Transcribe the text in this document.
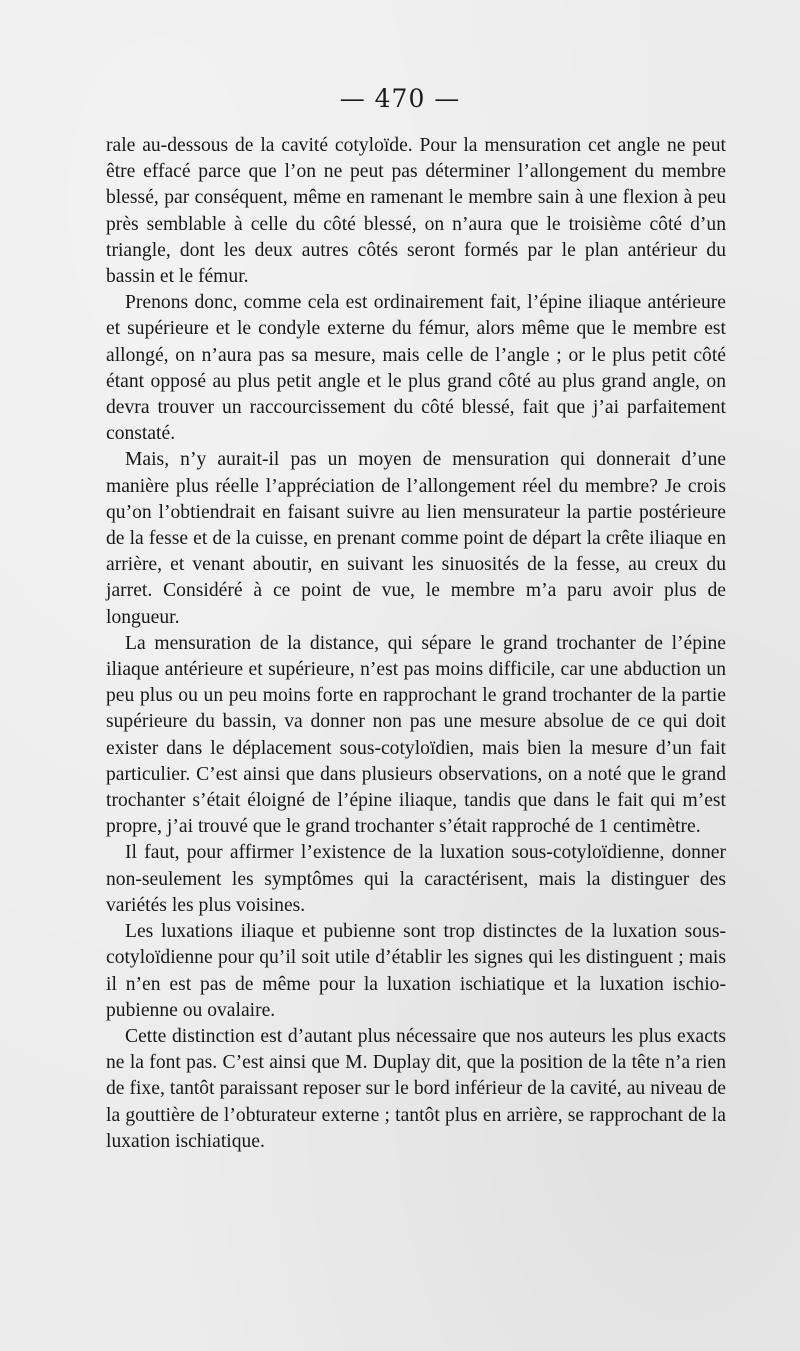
— 470 —

rale au-dessous de la cavité cotyloïde. Pour la mensuration cet angle ne peut être effacé parce que l’on ne peut pas déterminer l’allongement du membre blessé, par conséquent, même en ramenant le membre sain à une flexion à peu près semblable à celle du côté blessé, on n’aura que le troisième côté d’un triangle, dont les deux autres côtés seront formés par le plan antérieur du bassin et le fémur.

Prenons donc, comme cela est ordinairement fait, l’épine iliaque antérieure et supérieure et le condyle externe du fémur, alors même que le membre est allongé, on n’aura pas sa mesure, mais celle de l’angle ; or le plus petit côté étant opposé au plus petit angle et le plus grand côté au plus grand angle, on devra trouver un raccourcissement du côté blessé, fait que j’ai parfaitement constaté.

Mais, n’y aurait-il pas un moyen de mensuration qui donnerait d’une manière plus réelle l’appréciation de l’allongement réel du membre? Je crois qu’on l’obtiendrait en faisant suivre au lien mensurateur la partie postérieure de la fesse et de la cuisse, en prenant comme point de départ la crête iliaque en arrière, et venant aboutir, en suivant les sinuosités de la fesse, au creux du jarret. Considéré à ce point de vue, le membre m’a paru avoir plus de longueur.

La mensuration de la distance, qui sépare le grand trochanter de l’épine iliaque antérieure et supérieure, n’est pas moins difficile, car une abduction un peu plus ou un peu moins forte en rapprochant le grand trochanter de la partie supérieure du bassin, va donner non pas une mesure absolue de ce qui doit exister dans le déplacement sous-cotyloïdien, mais bien la mesure d’un fait particulier. C’est ainsi que dans plusieurs observations, on a noté que le grand trochanter s’était éloigné de l’épine iliaque, tandis que dans le fait qui m’est propre, j’ai trouvé que le grand trochanter s’était rapproché de 1 centimètre.

Il faut, pour affirmer l’existence de la luxation sous-cotyloïdienne, donner non-seulement les symptômes qui la caractérisent, mais la distinguer des variétés les plus voisines.

Les luxations iliaque et pubienne sont trop distinctes de la luxation sous-cotyloïdienne pour qu’il soit utile d’établir les signes qui les distinguent ; mais il n’en est pas de même pour la luxation ischiatique et la luxation ischio-pubienne ou ovalaire.

Cette distinction est d’autant plus nécessaire que nos auteurs les plus exacts ne la font pas. C’est ainsi que M. Duplay dit, que la position de la tête n’a rien de fixe, tantôt paraissant reposer sur le bord inférieur de la cavité, au niveau de la gouttière de l’obturateur externe ; tantôt plus en arrière, se rapprochant de la luxation ischiatique.
